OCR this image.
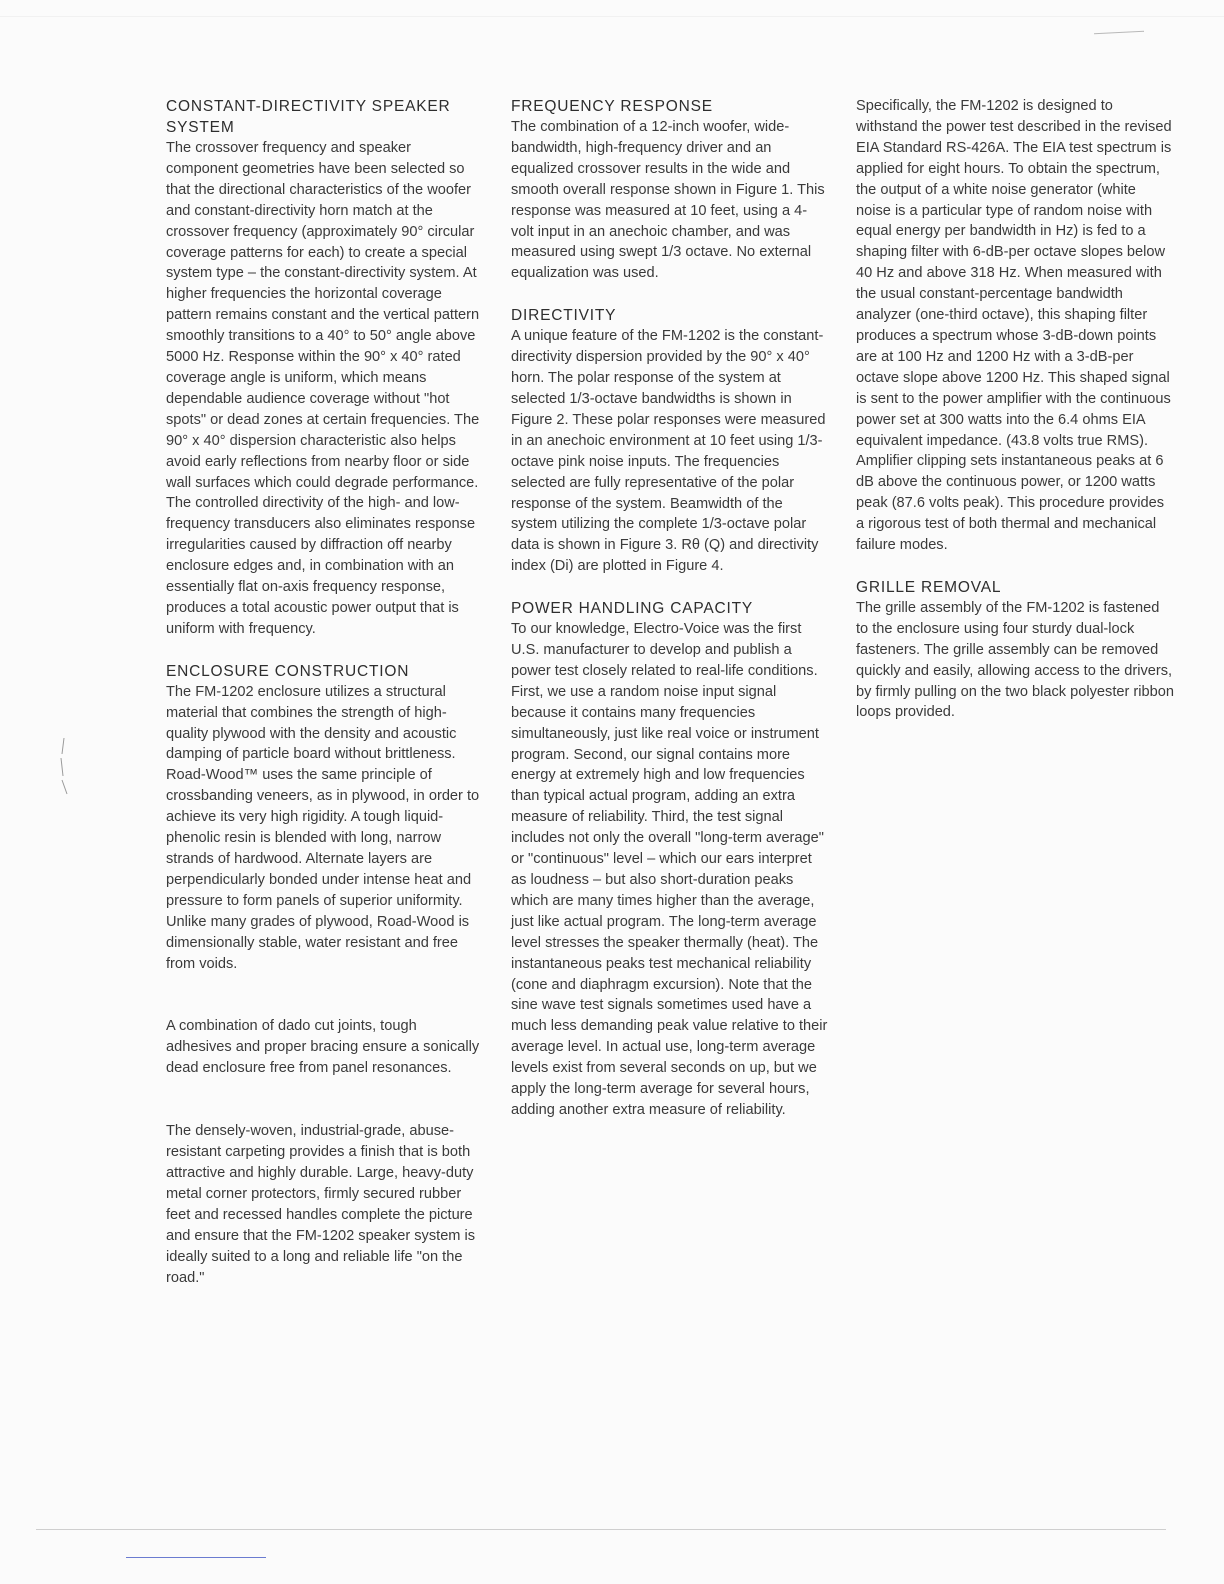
CONSTANT-DIRECTIVITY SPEAKER SYSTEM

The crossover frequency and speaker component geometries have been selected so that the directional characteristics of the woofer and constant-directivity horn match at the crossover frequency (approximately 90° circular coverage patterns for each) to create a special system type – the constant-directivity system. At higher frequencies the horizontal coverage pattern remains constant and the vertical pattern smoothly transitions to a 40° to 50° angle above 5000 Hz. Response within the 90° x 40° rated coverage angle is uniform, which means dependable audience coverage without "hot spots" or dead zones at certain frequencies. The 90° x 40° dispersion characteristic also helps avoid early reflections from nearby floor or side wall surfaces which could degrade performance. The controlled directivity of the high- and low-frequency transducers also eliminates response irregularities caused by diffraction off nearby enclosure edges and, in combination with an essentially flat on-axis frequency response, produces a total acoustic power output that is uniform with frequency.

ENCLOSURE CONSTRUCTION

The FM-1202 enclosure utilizes a structural material that combines the strength of high-quality plywood with the density and acoustic damping of particle board without brittleness. Road-Wood™ uses the same principle of crossbanding veneers, as in plywood, in order to achieve its very high rigidity. A tough liquid-phenolic resin is blended with long, narrow strands of hardwood. Alternate layers are perpendicularly bonded under intense heat and pressure to form panels of superior uniformity. Unlike many grades of plywood, Road-Wood is dimensionally stable, water resistant and free from voids.

A combination of dado cut joints, tough adhesives and proper bracing ensure a sonically dead enclosure free from panel resonances.

The densely-woven, industrial-grade, abuse-resistant carpeting provides a finish that is both attractive and highly durable. Large, heavy-duty metal corner protectors, firmly secured rubber feet and recessed handles complete the picture and ensure that the FM-1202 speaker system is ideally suited to a long and reliable life "on the road."

FREQUENCY RESPONSE

The combination of a 12-inch woofer, wide-bandwidth, high-frequency driver and an equalized crossover results in the wide and smooth overall response shown in Figure 1. This response was measured at 10 feet, using a 4-volt input in an anechoic chamber, and was measured using swept 1/3 octave. No external equalization was used.

DIRECTIVITY

A unique feature of the FM-1202 is the constant-directivity dispersion provided by the 90° x 40° horn. The polar response of the system at selected 1/3-octave bandwidths is shown in Figure 2. These polar responses were measured in an anechoic environment at 10 feet using 1/3-octave pink noise inputs. The frequencies selected are fully representative of the polar response of the system. Beamwidth of the system utilizing the complete 1/3-octave polar data is shown in Figure 3. Rθ (Q) and directivity index (Di) are plotted in Figure 4.

POWER HANDLING CAPACITY

To our knowledge, Electro-Voice was the first U.S. manufacturer to develop and publish a power test closely related to real-life conditions. First, we use a random noise input signal because it contains many frequencies simultaneously, just like real voice or instrument program. Second, our signal contains more energy at extremely high and low frequencies than typical actual program, adding an extra measure of reliability. Third, the test signal includes not only the overall "long-term average" or "continuous" level – which our ears interpret as loudness – but also short-duration peaks which are many times higher than the average, just like actual program. The long-term average level stresses the speaker thermally (heat). The instantaneous peaks test mechanical reliability (cone and diaphragm excursion). Note that the sine wave test signals sometimes used have a much less demanding peak value relative to their average level. In actual use, long-term average levels exist from several seconds on up, but we apply the long-term average for several hours, adding another extra measure of reliability.

Specifically, the FM-1202 is designed to withstand the power test described in the revised EIA Standard RS-426A. The EIA test spectrum is applied for eight hours. To obtain the spectrum, the output of a white noise generator (white noise is a particular type of random noise with equal energy per bandwidth in Hz) is fed to a shaping filter with 6-dB-per octave slopes below 40 Hz and above 318 Hz. When measured with the usual constant-percentage bandwidth analyzer (one-third octave), this shaping filter produces a spectrum whose 3-dB-down points are at 100 Hz and 1200 Hz with a 3-dB-per octave slope above 1200 Hz. This shaped signal is sent to the power amplifier with the continuous power set at 300 watts into the 6.4 ohms EIA equivalent impedance. (43.8 volts true RMS). Amplifier clipping sets instantaneous peaks at 6 dB above the continuous power, or 1200 watts peak (87.6 volts peak). This procedure provides a rigorous test of both thermal and mechanical failure modes.

GRILLE REMOVAL

The grille assembly of the FM-1202 is fastened to the enclosure using four sturdy dual-lock fasteners. The grille assembly can be removed quickly and easily, allowing access to the drivers, by firmly pulling on the two black polyester ribbon loops provided.
